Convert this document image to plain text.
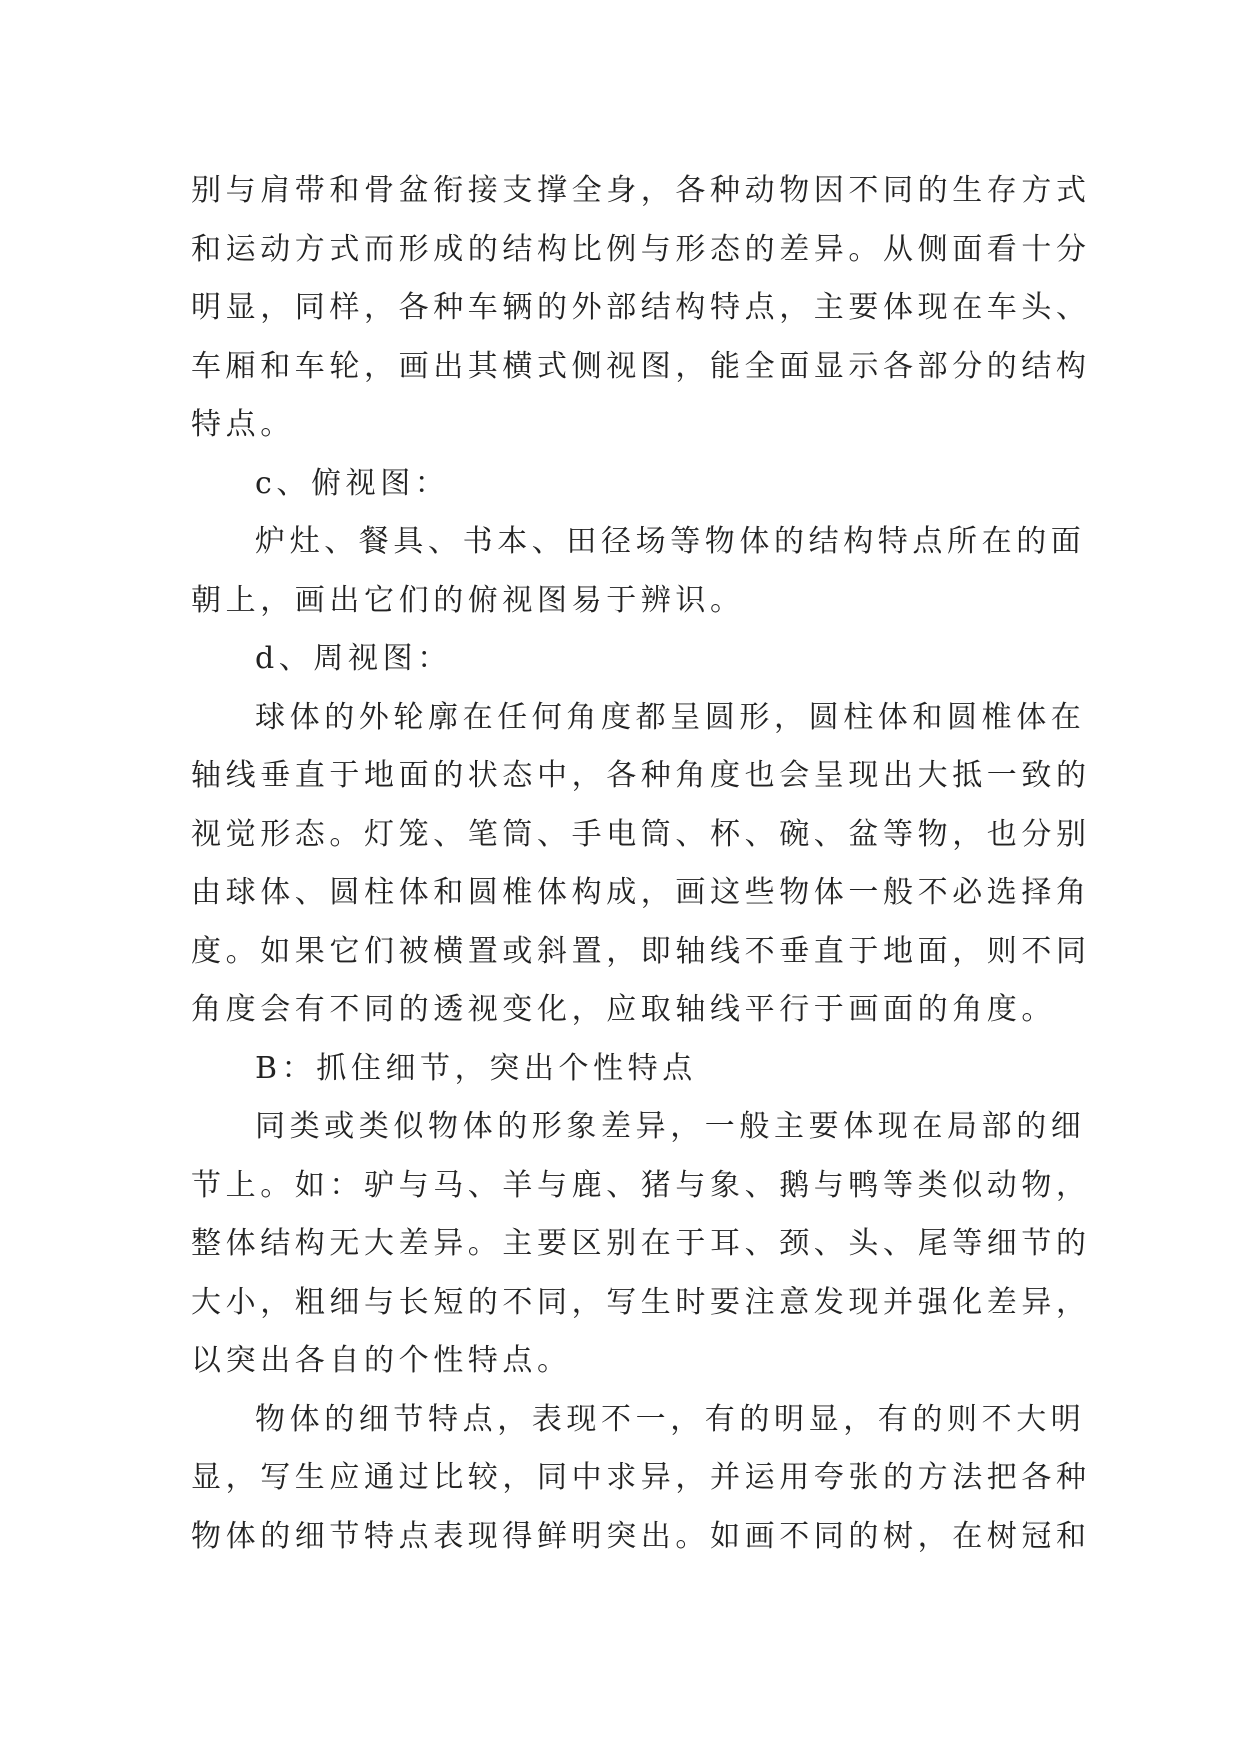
别与肩带和骨盆衔接支撑全身，各种动物因不同的生存方式
和运动方式而形成的结构比例与形态的差异。从侧面看十分
明显，同样，各种车辆的外部结构特点，主要体现在车头、
车厢和车轮，画出其横式侧视图，能全面显示各部分的结构
特点。
c、俯视图：
炉灶、餐具、书本、田径场等物体的结构特点所在的面
朝上，画出它们的俯视图易于辨识。
d、周视图：
球体的外轮廓在任何角度都呈圆形，圆柱体和圆椎体在
轴线垂直于地面的状态中，各种角度也会呈现出大抵一致的
视觉形态。灯笼、笔筒、手电筒、杯、碗、盆等物，也分别
由球体、圆柱体和圆椎体构成，画这些物体一般不必选择角
度。如果它们被横置或斜置，即轴线不垂直于地面，则不同
角度会有不同的透视变化，应取轴线平行于画面的角度。
B：抓住细节，突出个性特点
同类或类似物体的形象差异，一般主要体现在局部的细
节上。如：驴与马、羊与鹿、猪与象、鹅与鸭等类似动物，
整体结构无大差异。主要区别在于耳、颈、头、尾等细节的
大小，粗细与长短的不同，写生时要注意发现并强化差异，
以突出各自的个性特点。
物体的细节特点，表现不一，有的明显，有的则不大明
显，写生应通过比较，同中求异，并运用夸张的方法把各种
物体的细节特点表现得鲜明突出。如画不同的树，在树冠和
